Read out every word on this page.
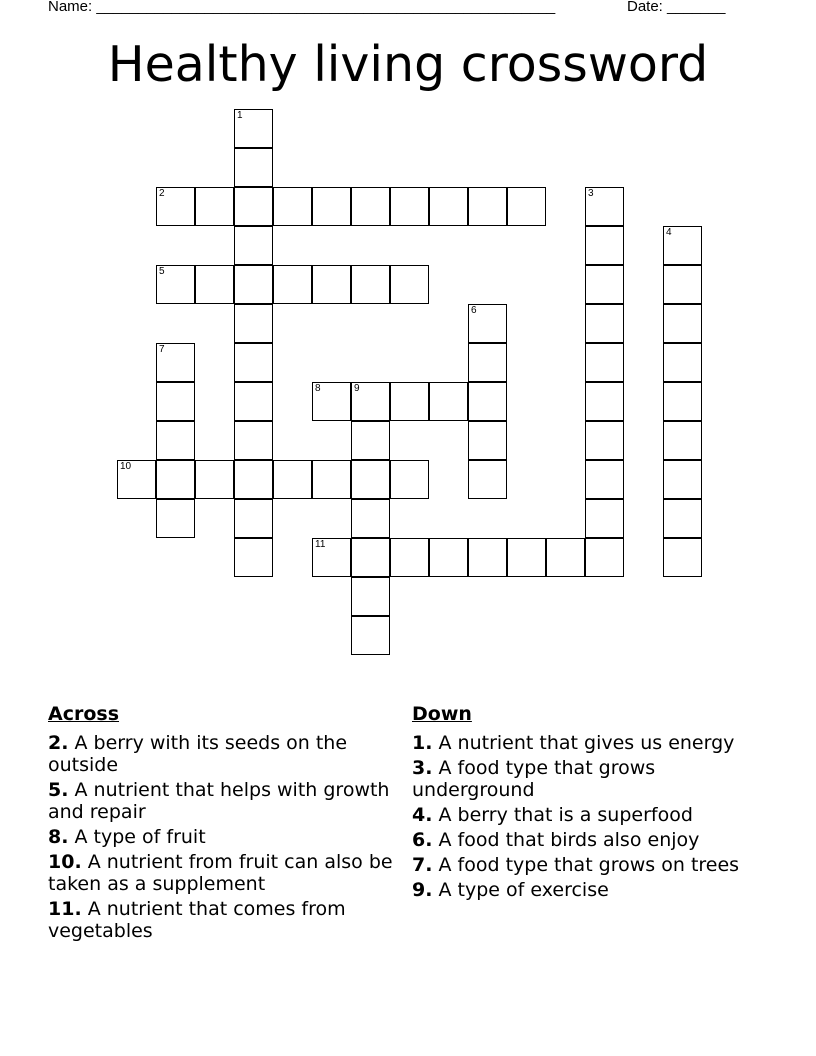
Name: _______________________________________________________	Date: _______
Healthy living crossword
1
2	3
4
5
6
7
8	9
10
11
Across
2. A berry with its seeds on the outside
5. A nutrient that helps with growth and repair
8. A type of fruit
10. A nutrient from fruit can also be taken as a supplement
11. A nutrient that comes from vegetables
Down
1. A nutrient that gives us energy
3. A food type that grows underground
4. A berry that is a superfood
6. A food that birds also enjoy
7. A food type that grows on trees
9. A type of exercise
